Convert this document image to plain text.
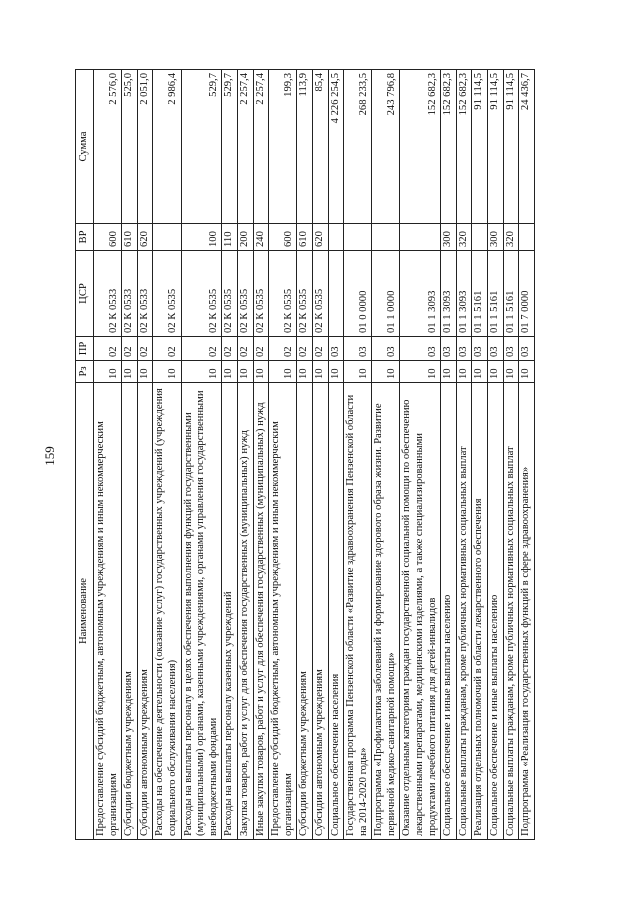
159
Наименование	Рз	ПР	ЦСР	ВР	Сумма
Предоставление субсидий бюджетным, автономным учреждениям и иным некоммерческим организациям	10	02	02 К 0533	600	2 576,0
Субсидии бюджетным учреждениям	10	02	02 К 0533	610	525,0
Субсидии автономным учреждениям	10	02	02 К 0533	620	2 051,0
Расходы на обеспечение деятельности (оказание услуг) государственных учреждений (учреждения социального обслуживания населения)	10	02	02 К 0535		2 986,4
Расходы на выплаты персоналу в целях обеспечения выполнения функций государственными (муниципальными) органами, казенными учреждениями, органами управления государственными внебюджетными фондами	10	02	02 К 0535	100	529,7
Расходы на выплаты персоналу казенных учреждений	10	02	02 К 0535	110	529,7
Закупка товаров, работ и услуг для обеспечения государственных (муниципальных) нужд	10	02	02 К 0535	200	2 257,4
Иные закупки товаров, работ и услуг для обеспечения государственных (муниципальных) нужд	10	02	02 К 0535	240	2 257,4
Предоставление субсидий бюджетным, автономным учреждениям и иным некоммерческим организациям	10	02	02 К 0535	600	199,3
Субсидии бюджетным учреждениям	10	02	02 К 0535	610	113,9
Субсидии автономным учреждениям	10	02	02 К 0535	620	85,4
Социальное обеспечение населения	10	03			4 226 254,5
Государственная программа Пензенской области «Развитие здравоохранения Пензенской области на 2014-2020 годы»	10	03	01 0 0000		268 233,5
Подпрограмма «Профилактика заболеваний и формирование здорового образа жизни. Развитие первичной медико-санитарной помощи»	10	03	01 1 0000		243 796,8
Оказание отдельным категориям граждан государственной социальной помощи по обеспечению лекарственными препаратами, медицинскими изделиями, а также специализированными продуктами лечебного питания для детей-инвалидов	10	03	01 1 3093		152 682,3
Социальное обеспечение и иные выплаты населению	10	03	01 1 3093	300	152 682,3
Социальные выплаты гражданам, кроме публичных нормативных социальных выплат	10	03	01 1 3093	320	152 682,3
Реализация отдельных полномочий в области лекарственного обеспечения	10	03	01 1 5161		91 114,5
Социальное обеспечение и иные выплаты населению	10	03	01 1 5161	300	91 114,5
Социальные выплаты гражданам, кроме публичных нормативных социальных выплат	10	03	01 1 5161	320	91 114,5
Подпрограмма «Реализация государственных функций в сфере здравоохранения»	10	03	01 7 0000		24 436,7
